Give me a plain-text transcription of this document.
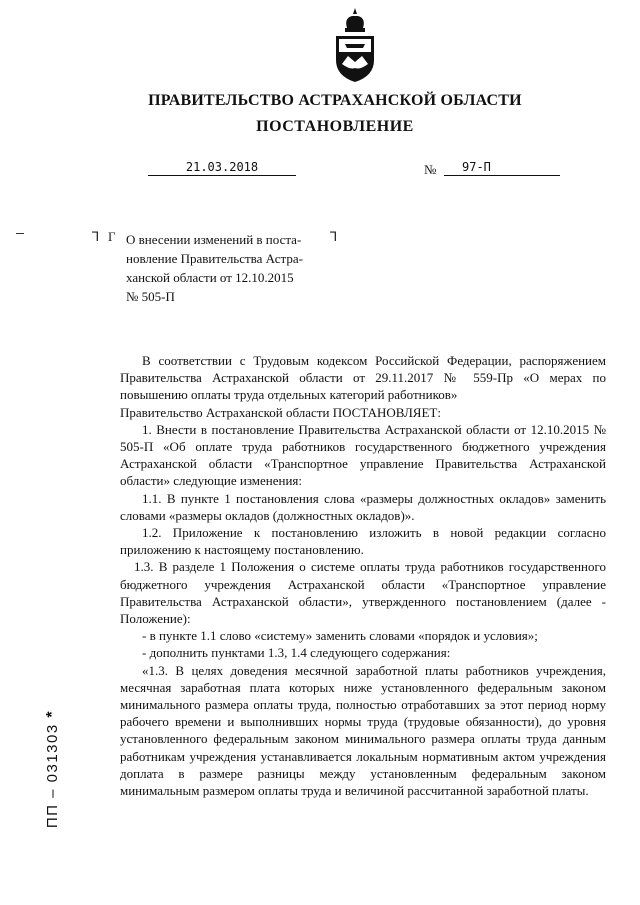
ПРАВИТЕЛЬСТВО АСТРАХАНСКОЙ ОБЛАСТИ
ПОСТАНОВЛЕНИЕ
21.03.2018	№	97-П
⅂ Γ	⅂
О внесении изменений в поста-
новление Правительства Астра-
ханской области от 12.10.2015
№ 505-П

В соответствии с Трудовым кодексом Российской Федерации, распоряжением Правительства Астраханской области от 29.11.2017 № 559-Пр «О мерах по повышению оплаты труда отдельных категорий работников»

Правительство Астраханской области ПОСТАНОВЛЯЕТ:

1. Внести в постановление Правительства Астраханской области от 12.10.2015 № 505-П «Об оплате труда работников государственного бюджетного учреждения Астраханской области «Транспортное управление Правительства Астраханской области» следующие изменения:

1.1. В пункте 1 постановления слова «размеры должностных окладов» заменить словами «размеры окладов (должностных окладов)».

1.2. Приложение к постановлению изложить в новой редакции согласно приложению к настоящему постановлению.

1.3. В разделе 1 Положения о системе оплаты труда работников государственного бюджетного учреждения Астраханской области «Транспортное управление Правительства Астраханской области», утвержденного постановлением (далее - Положение):

- в пункте 1.1 слово «систему» заменить словами «порядок и условия»;

- дополнить пунктами 1.3, 1.4 следующего содержания:

«1.3. В целях доведения месячной заработной платы работников учреждения, месячная заработная плата которых ниже установленного федеральным законом минимального размера оплаты труда, полностью отработавших за этот период норму рабочего времени и выполнивших нормы труда (трудовые обязанности), до уровня установленного федеральным законом минимального размера оплаты труда данным работникам учреждения устанавливается локальным нормативным актом учреждения доплата в размере разницы между установленным федеральным законом минимальным размером оплаты труда и величиной рассчитанной заработной платы.

ПП – 031303 *
